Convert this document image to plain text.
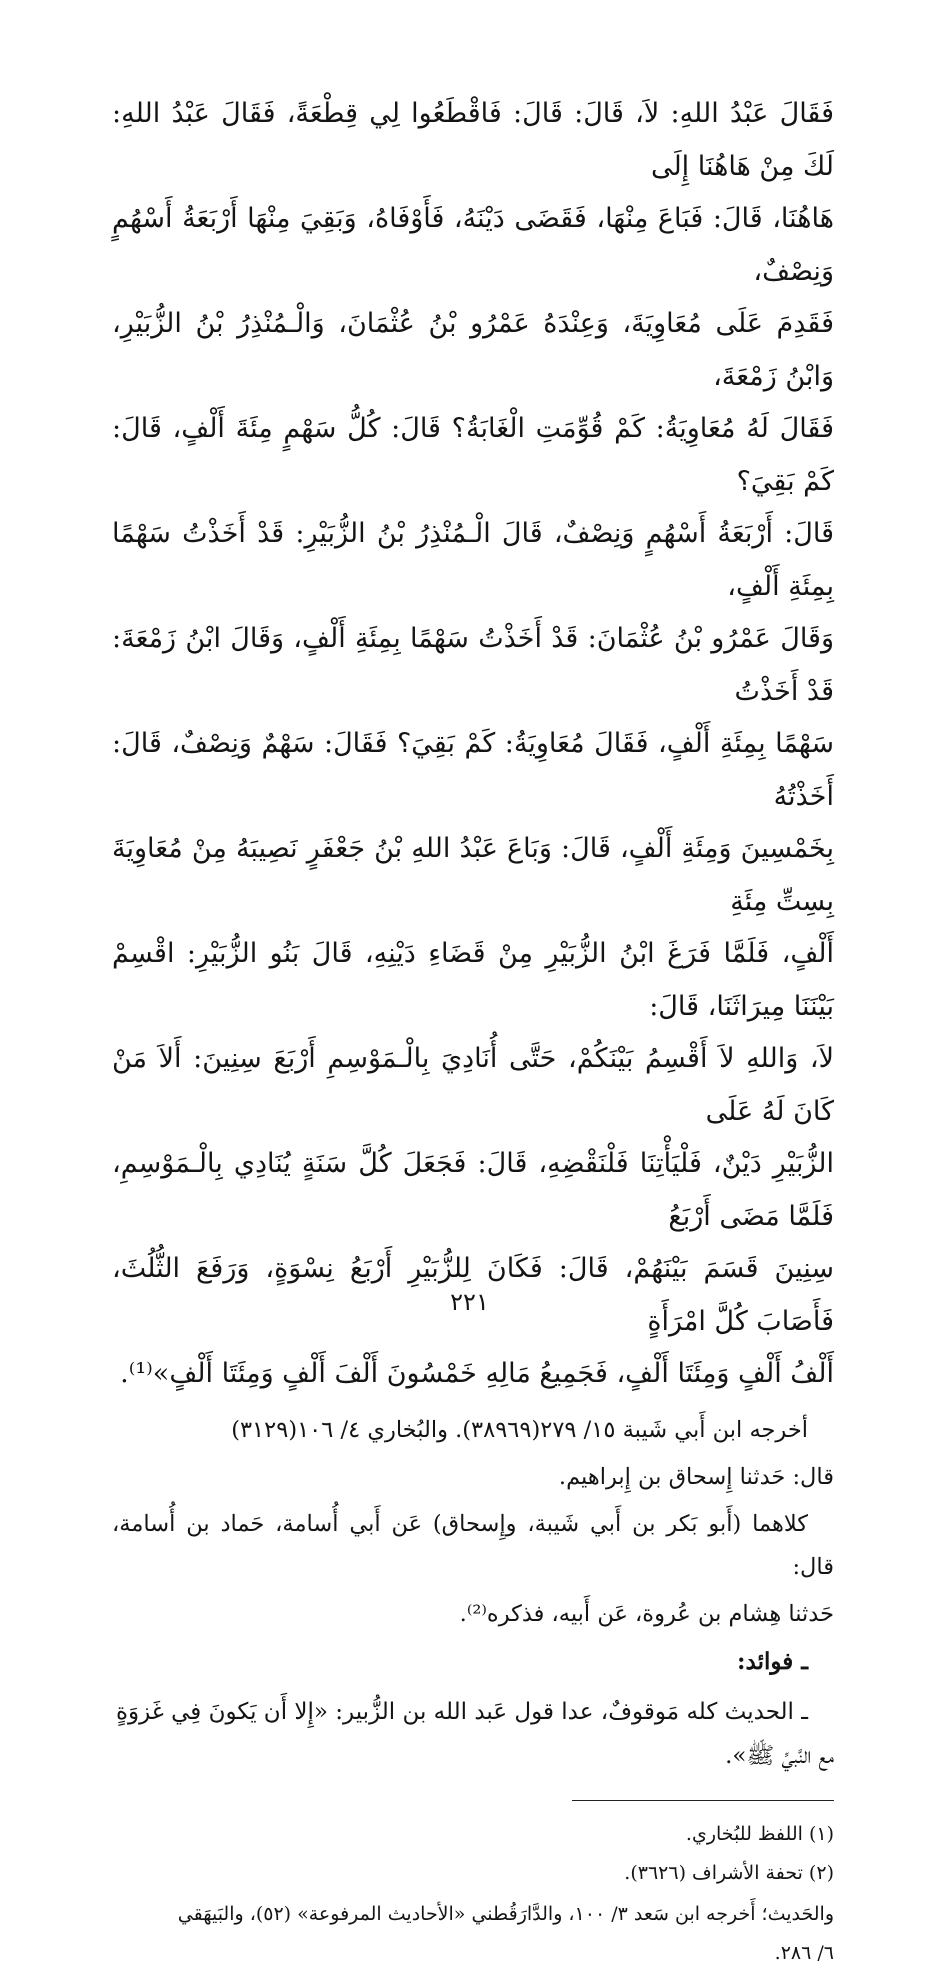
فَقَالَ عَبْدُ اللهِ: لاَ، قَالَ: قَالَ: فَاقْطَعُوا لِي قِطْعَةً، فَقَالَ عَبْدُ اللهِ: لَكَ مِنْ هَاهُنَا إِلَى

هَاهُنَا، قَالَ: فَبَاعَ مِنْهَا، فَقَضَى دَيْنَهُ، فَأَوْفَاهُ، وَبَقِيَ مِنْهَا أَرْبَعَةُ أَسْهُمٍ وَنِصْفٌ،

فَقَدِمَ عَلَى مُعَاوِيَةَ، وَعِنْدَهُ عَمْرُو بْنُ عُثْمَانَ، وَالْـمُنْذِرُ بْنُ الزُّبَيْرِ، وَابْنُ زَمْعَةَ،

فَقَالَ لَهُ مُعَاوِيَةُ: كَمْ قُوِّمَتِ الْغَابَةُ؟ قَالَ: كُلُّ سَهْمٍ مِئَةَ أَلْفٍ، قَالَ: كَمْ بَقِيَ؟

قَالَ: أَرْبَعَةُ أَسْهُمٍ وَنِصْفٌ، قَالَ الْـمُنْذِرُ بْنُ الزُّبَيْرِ: قَدْ أَخَذْتُ سَهْمًا بِمِئَةِ أَلْفٍ،

وَقَالَ عَمْرُو بْنُ عُثْمَانَ: قَدْ أَخَذْتُ سَهْمًا بِمِئَةِ أَلْفٍ، وَقَالَ ابْنُ زَمْعَةَ: قَدْ أَخَذْتُ

سَهْمًا بِمِئَةِ أَلْفٍ، فَقَالَ مُعَاوِيَةُ: كَمْ بَقِيَ؟ فَقَالَ: سَهْمٌ وَنِصْفٌ، قَالَ: أَخَذْتُهُ

بِخَمْسِينَ وَمِئَةِ أَلْفٍ، قَالَ: وَبَاعَ عَبْدُ اللهِ بْنُ جَعْفَرٍ نَصِيبَهُ مِنْ مُعَاوِيَةَ بِسِتِّ مِئَةِ

أَلْفٍ، فَلَمَّا فَرَغَ ابْنُ الزُّبَيْرِ مِنْ قَضَاءِ دَيْنِهِ، قَالَ بَنُو الزُّبَيْرِ: اقْسِمْ بَيْنَنَا مِيرَاثَنَا، قَالَ:

لاَ، وَاللهِ لاَ أَقْسِمُ بَيْنَكُمْ، حَتَّى أُنَادِيَ بِالْـمَوْسِمِ أَرْبَعَ سِنِينَ: أَلاَ مَنْ كَانَ لَهُ عَلَى

الزُّبَيْرِ دَيْنٌ، فَلْيَأْتِنَا فَلْنَقْضِهِ، قَالَ: فَجَعَلَ كُلَّ سَنَةٍ يُنَادِي بِالْـمَوْسِمِ، فَلَمَّا مَضَى أَرْبَعُ

سِنِينَ قَسَمَ بَيْنَهُمْ، قَالَ: فَكَانَ لِلزُّبَيْرِ أَرْبَعُ نِسْوَةٍ، وَرَفَعَ الثُّلُثَ، فَأَصَابَ كُلَّ امْرَأَةٍ

أَلْفُ أَلْفٍ وَمِئَتَا أَلْفٍ، فَجَمِيعُ مَالِهِ خَمْسُونَ أَلْفَ أَلْفٍ وَمِئَتَا أَلْفٍ»⁽¹⁾.

أخرجه ابن أَبي شَيبة ١٥/ ٢٧٩(٣٨٩٦٩). والبُخاري ٤/ ١٠٦(٣١٢٩)

قال: حَدثنا إِسحاق بن إِبراهيم.

كلاهما (أَبو بَكر بن أَبي شَيبة، وإِسحاق) عَن أَبي أُسامة، حَماد بن أُسامة، قال:

حَدثنا هِشام بن عُروة، عَن أَبيه، فذكره⁽²⁾.

ـ فوائد:

ـ الحديث كله مَوقوفٌ، عدا قول عَبد الله بن الزُّبير: «إِلا أَن يَكونَ فِي غَزوَةٍ

مع النَّبيِّ ﷺ».

(١) اللفظ للبُخاري.

(٢) تحفة الأشراف (٣٦٢٦).

والحَديث؛ أَخرجه ابن سَعد ٣/ ١٠٠، والدَّارَقُطني «الأحاديث المرفوعة» (٥٢)، والبَيهَقي

٦/ ٢٨٦.

٢٢١
